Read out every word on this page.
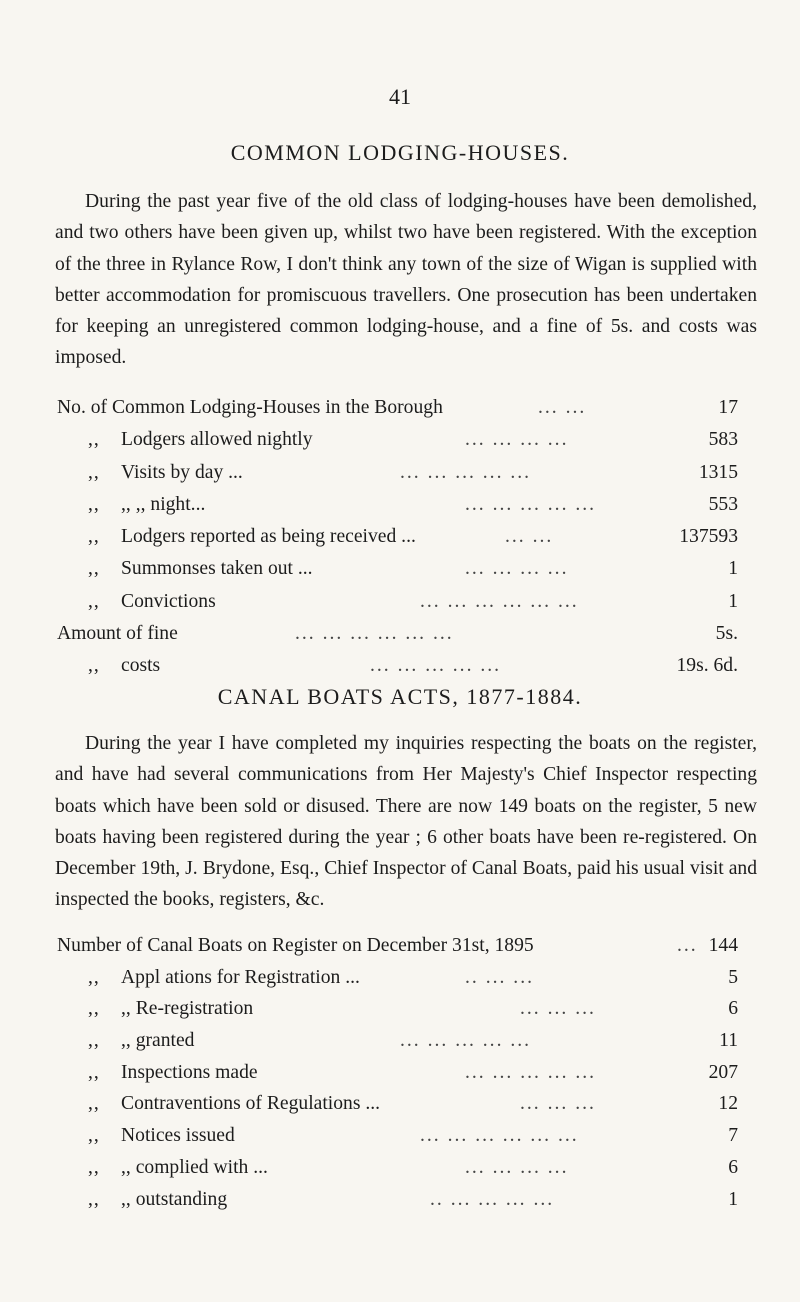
41
COMMON LODGING-HOUSES.
During the past year five of the old class of lodging-houses have been demolished, and two others have been given up, whilst two have been registered. With the exception of the three in Rylance Row, I don't think any town of the size of Wigan is supplied with better accommodation for promiscuous travellers. One prosecution has been undertaken for keeping an unregistered common lodging-house, and a fine of 5s. and costs was imposed.
No. of Common Lodging-Houses in the Borough	... ...	17
,, Lodgers allowed nightly	... ... ... ...	583
,, Visits by day ...	... ... ... ... ...	1315
,, ,, ,, night...	... ... ... ... ...	553
,, Lodgers reported as being received ...	... ...	137593
,, Summonses taken out ...	... ... ... ...	1
,, Convictions	... ... ... ... ... ...	1
Amount of fine	... ... ... ... ... ...	5s.
,, costs	... ... ... ... ...	19s. 6d.
CANAL BOATS ACTS, 1877-1884.
During the year I have completed my inquiries respecting the boats on the register, and have had several communications from Her Majesty's Chief Inspector respecting boats which have been sold or disused. There are now 149 boats on the register, 5 new boats having been registered during the year ; 6 other boats have been re-registered. On December 19th, J. Brydone, Esq., Chief Inspector of Canal Boats, paid his usual visit and inspected the books, registers, &c.
Number of Canal Boats on Register on December 31st, 1895	... 144
,, Appl ations for Registration ...	.. ... ...	5
,, ,, Re-registration	... ... ...	6
,, ,, granted	... ... ... ... ...	11
,, Inspections made	... ... ... ... ...	207
,, Contraventions of Regulations ...	... ... ...	12
,, Notices issued	... ... ... ... ... ...	7
,, ,, complied with ...	... ... ... ...	6
,, ,, outstanding	.. ... ... ... ...	1
